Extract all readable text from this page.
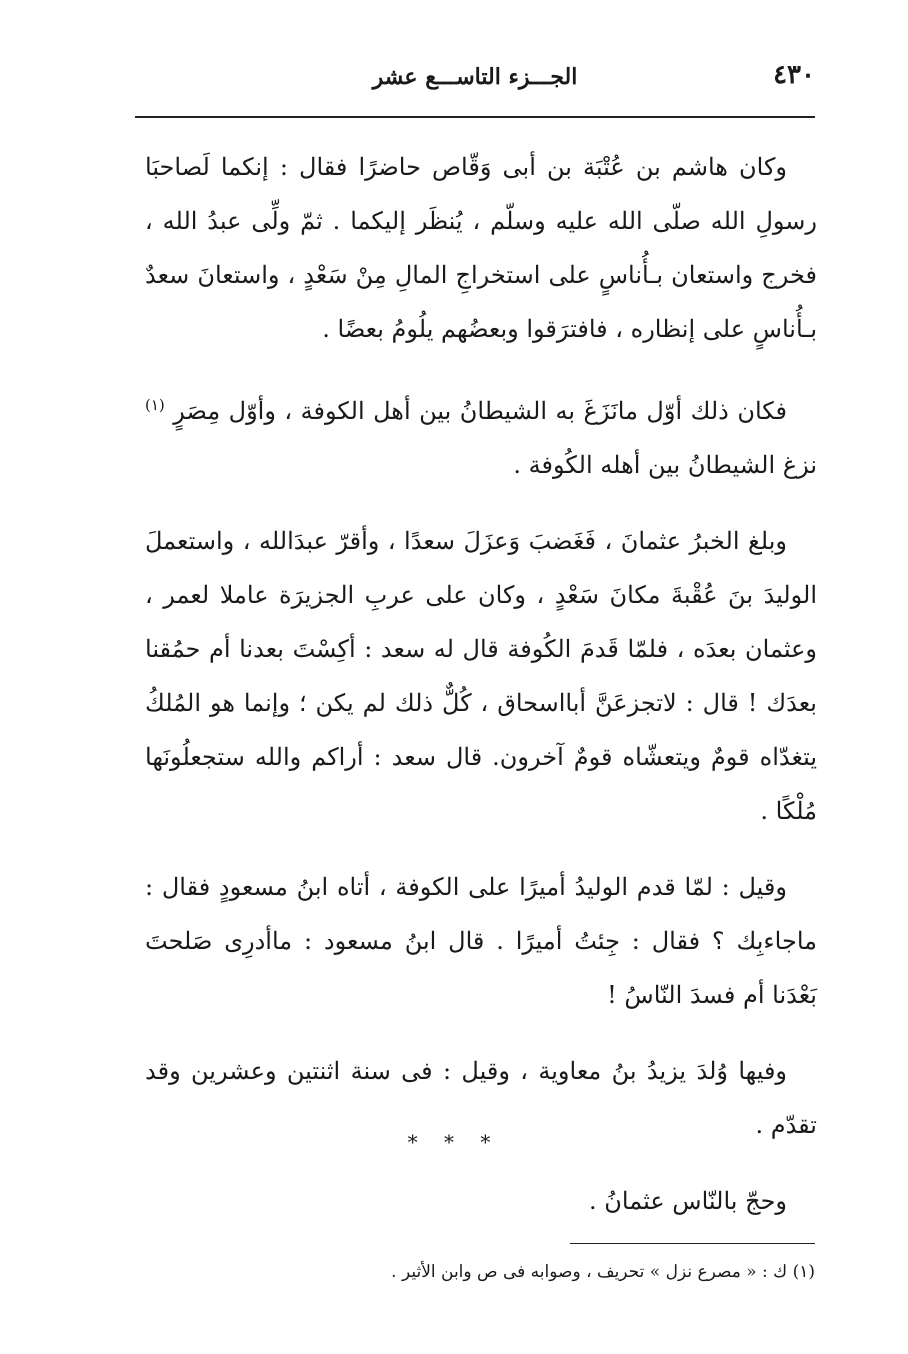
٤٣٠
الجـــزء التاســـع عشر

وكان هاشم بن عُتْبَة بن أبى وَقّاص حاضرًا فقال : إنكما لَصاحبَا رسولِ الله صلّى الله عليه وسلّم ، يُنظَر إليكما . ثمّ ولِّى عبدُ الله ، فخرج واستعان بـأُناسٍ على استخراجِ المالِ مِنْ سَعْدٍ ، واستعانَ سعدٌ بـأُناسٍ على إنظاره ، فافترَقوا وبعضُهم يلُومُ بعضًا .

فكان ذلك أوّل مانَزَغَ به الشيطانُ بين أهل الكوفة ، وأوّل مِصَرٍ $^{(١)}$ نزغ الشيطانُ بين أهله الكُوفة .

وبلغ الخبرُ عثمانَ ، فَغَضبَ وَعزَلَ سعدًا ، وأقرّ عبدَالله ، واستعملَ الوليدَ بنَ عُقْبةَ مكانَ سَعْدٍ ، وكان على عربِ الجزيرَة عاملا لعمر ، وعثمان بعدَه ، فلمّا قَدمَ الكُوفة قال له سعد : أكِسْتَ بعدنا أم حمُقنا بعدَك ! قال : لاتجزعَنَّ أبااسحاق ، كُلٌّ ذلك لم يكن ؛ وإنما هو المُلكُ يتغدّاه قومٌ ويتعشّاه قومٌ آخرون. قال سعد : أراكم والله ستجعلُونَها مُلْكًا .

وقيل : لمّا قدم الوليدُ أميرًا على الكوفة ، أتاه ابنُ مسعودٍ فقال : ماجاءبِك ؟ فقال : جِئتُ أميرًا . قال ابنُ مسعود : ماأدرِى صَلحتَ بَعْدَنا أم فسدَ النّاسُ !

وفيها وُلدَ يزيدُ بنُ معاوية ، وقيل : فى سنة اثنتين وعشرين وقد تقدّم .

وحجّ بالنّاس عثمانُ .

* * *
(١) ك : « مصرع نزل » تحريف ، وصوابه فى ص وابن الأثير .
